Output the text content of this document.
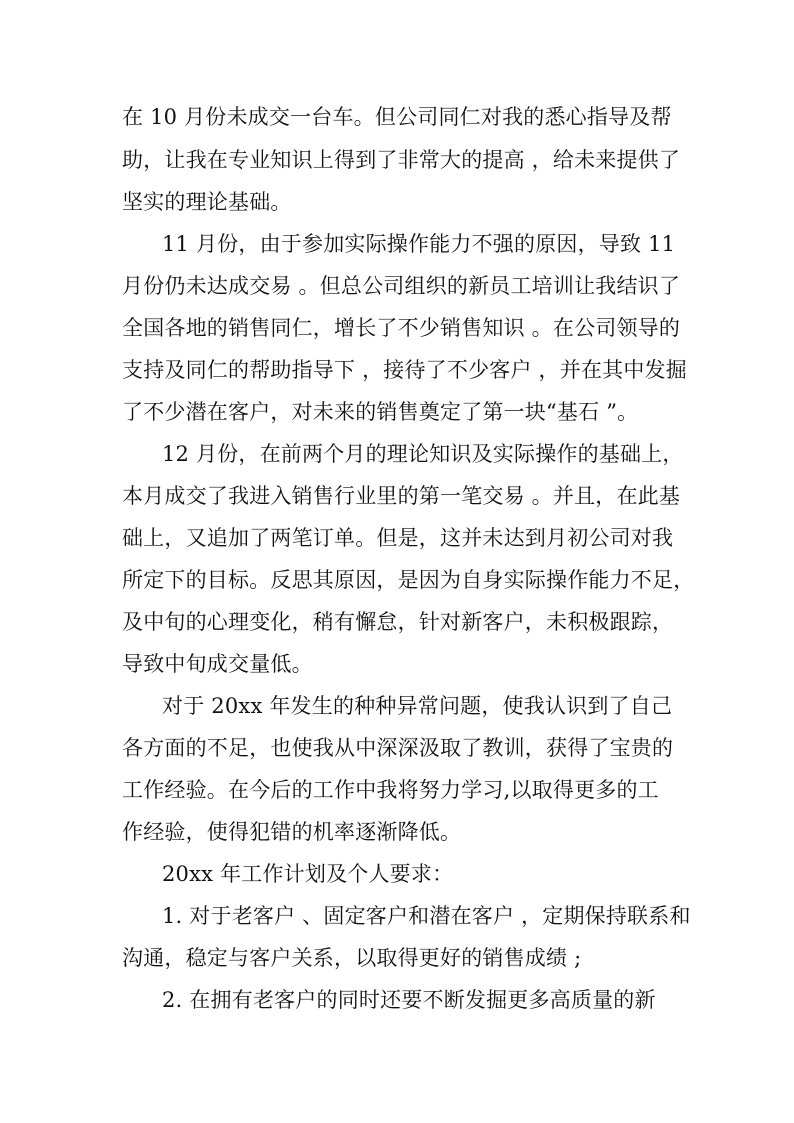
在 10 月份未成交一台车。但公司同仁对我的悉心指导及帮
助，让我在专业知识上得到了非常大的提高 ，给未来提供了
坚实的理论基础。
11 月份，由于参加实际操作能力不强的原因，导致 11
月份仍未达成交易 。但总公司组织的新员工培训让我结识了
全国各地的销售同仁，增长了不少销售知识 。在公司领导的
支持及同仁的帮助指导下 ，接待了不少客户 ，并在其中发掘
了不少潜在客户，对未来的销售奠定了第一块“基石 ”。
12 月份，在前两个月的理论知识及实际操作的基础上，
本月成交了我进入销售行业里的第一笔交易 。并且，在此基
础上，又追加了两笔订单。但是，这并未达到月初公司对我
所定下的目标。反思其原因，是因为自身实际操作能力不足，
及中旬的心理变化，稍有懈怠，针对新客户，未积极跟踪，
导致中旬成交量低。
对于 20xx 年发生的种种异常问题，使我认识到了自己
各方面的不足，也使我从中深深汲取了教训，获得了宝贵的
工作经验。在今后的工作中我将努力学习,以取得更多的工
作经验，使得犯错的机率逐渐降低。
20xx 年工作计划及个人要求：
1. 对于老客户 、固定客户和潜在客户 ，定期保持联系和
沟通，稳定与客户关系，以取得更好的销售成绩 ;
2. 在拥有老客户的同时还要不断发掘更多高质量的新
